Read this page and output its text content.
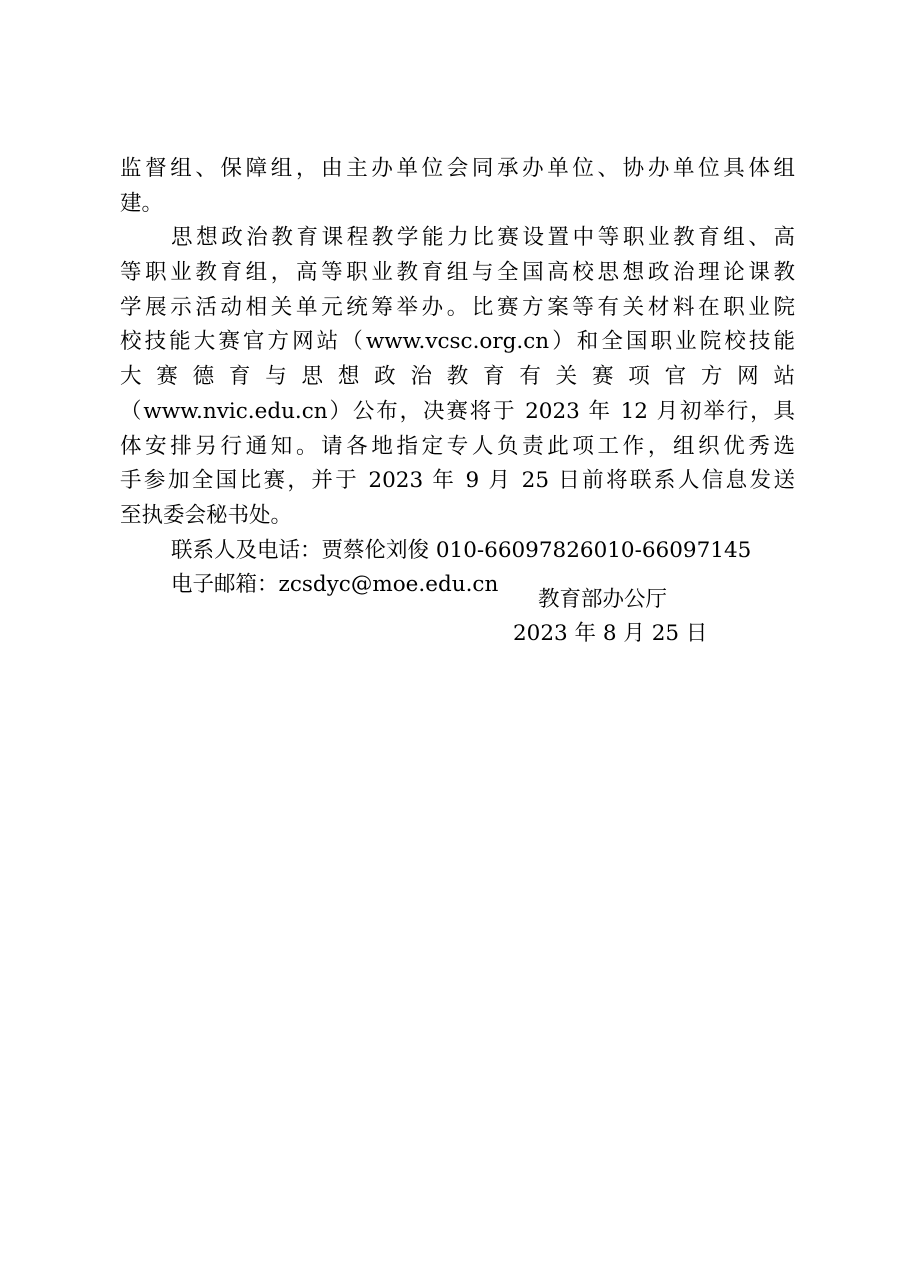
监督组、保障组，由主办单位会同承办单位、协办单位具体组
建。
思想政治教育课程教学能力比赛设置中等职业教育组、高
等职业教育组，高等职业教育组与全国高校思想政治理论课教
学展示活动相关单元统筹举办。比赛方案等有关材料在职业院
校技能大赛官方网站（www.vcsc.org.cn）和全国职业院校技能
大 赛 德 育 与 思 想 政 治 教 育 有 关 赛 项 官 方 网 站
（www.nvic.edu.cn）公布，决赛将于 2023 年 12 月初举行，具
体安排另行通知。请各地指定专人负责此项工作，组织优秀选
手参加全国比赛，并于 2023 年 9 月 25 日前将联系人信息发送
至执委会秘书处。
联系人及电话：贾蔡伦刘俊 010-66097826010-66097145
电子邮箱：zcsdyc@moe.edu.cn
教育部办公厅
2023 年 8 月 25 日
